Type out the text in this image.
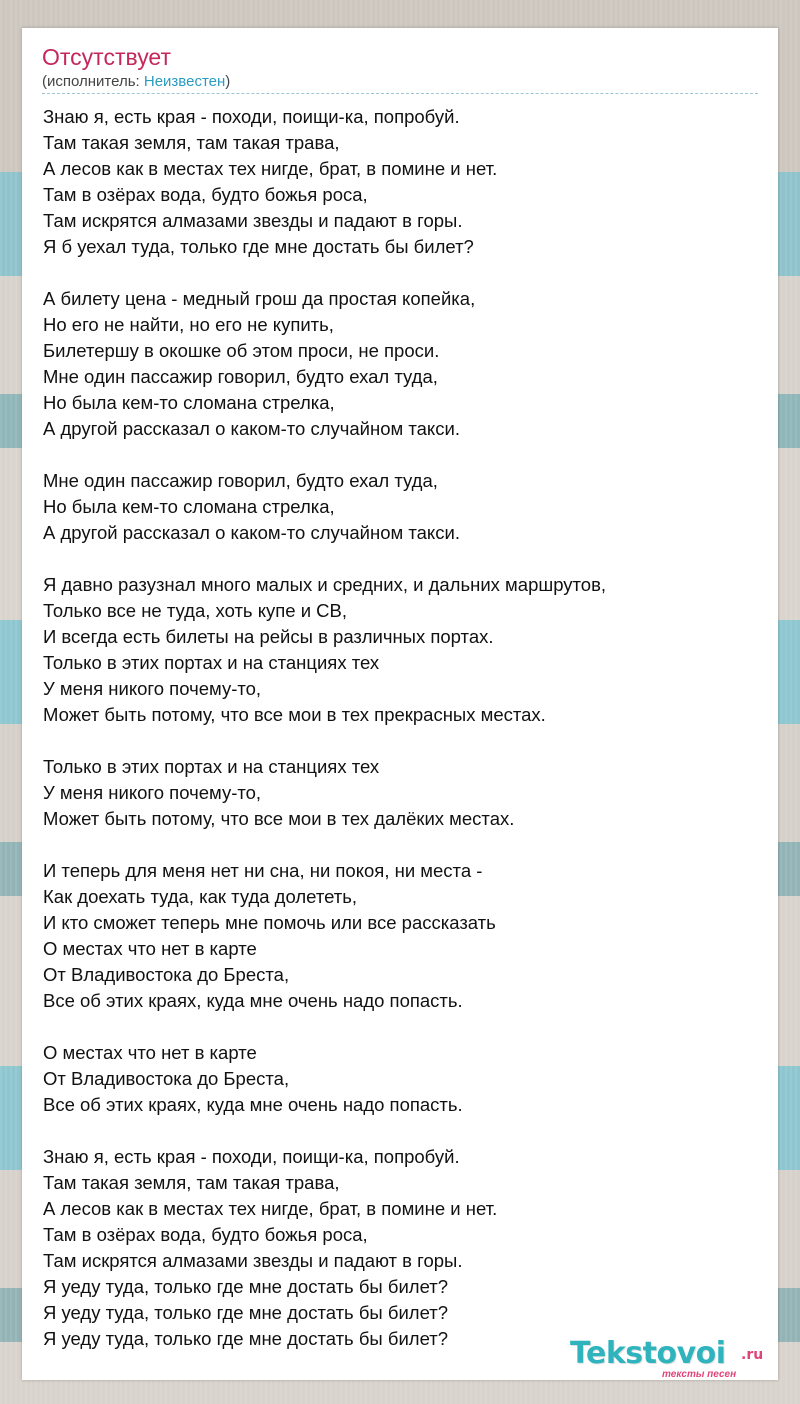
Отсутствует
(исполнитель: Неизвестен)
Знаю я, есть края - походи, поищи-ка, попробуй.
Там такая земля, там такая трава,
А лесов как в местах тех нигде, брат, в помине и нет.
Там в озёрах вода, будто божья роса,
Там искрятся алмазами звезды и падают в горы.
Я б уехал туда, только где мне достать бы билет?
А билету цена - медный грош да простая копейка,
Но его не найти, но его не купить,
Билетершу в окошке об этом проси, не проси.
Мне один пассажир говорил, будто ехал туда,
Но была кем-то сломана стрелка,
А другой рассказал о каком-то случайном такси.
Мне один пассажир говорил, будто ехал туда,
Но была кем-то сломана стрелка,
А другой рассказал о каком-то случайном такси.
Я давно разузнал много малых и средних, и дальних маршрутов,
Только все не туда, хоть купе и СВ,
И всегда есть билеты на рейсы в различных портах.
Только в этих портах и на станциях тех
У меня никого почему-то,
Может быть потому, что все мои в тех прекрасных местах.
Только в этих портах и на станциях тех
У меня никого почему-то,
Может быть потому, что все мои в тех далёких местах.
И теперь для меня нет ни сна, ни покоя, ни места -
Как доехать туда, как туда долететь,
И кто сможет теперь мне помочь или все рассказать
О местах что нет в карте
От Владивостока до Бреста,
Все об этих краях, куда мне очень надо попасть.
О местах что нет в карте
От Владивостока до Бреста,
Все об этих краях, куда мне очень надо попасть.
Знаю я, есть края - походи, поищи-ка, попробуй.
Там такая земля, там такая трава,
А лесов как в местах тех нигде, брат, в помине и нет.
Там в озёрах вода, будто божья роса,
Там искрятся алмазами звезды и падают в горы.
Я уеду туда, только где мне достать бы билет?
Я уеду туда, только где мне достать бы билет?
Я уеду туда, только где мне достать бы билет?	Tekstovoi .ru
тексты песен
